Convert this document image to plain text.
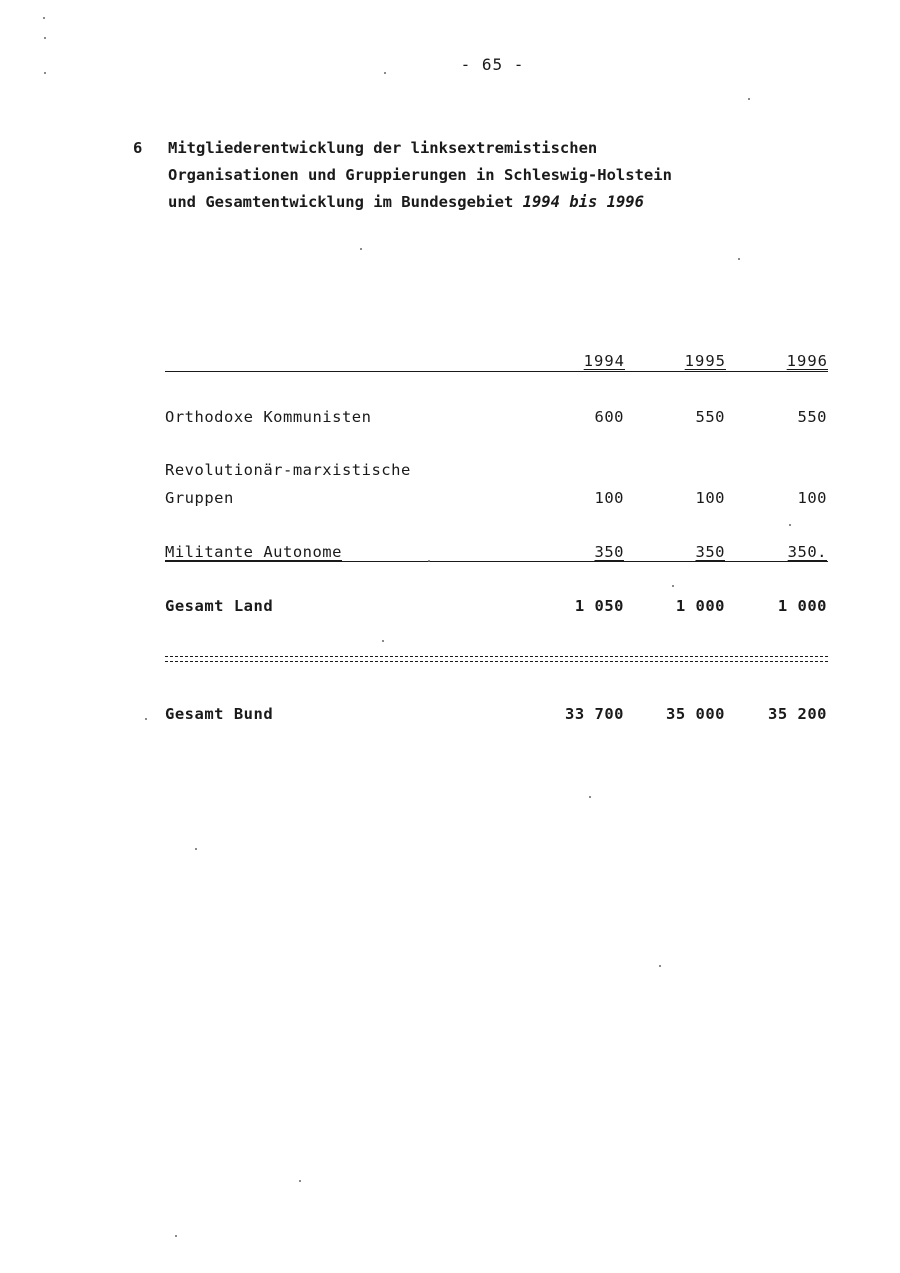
- 65 -
6 Mitgliederentwicklung der linksextremistischen
Organisationen und Gruppierungen in Schleswig-Holstein
und Gesamtentwicklung im Bundesgebiet 1994 bis 1996
1994	1995	1996
Orthodoxe Kommunisten	600	550	550
Revolutionär-marxistische
Gruppen	100	100	100
Militante Autonome	350	350	350.
Gesamt Land	1 050	1 000	1 000
Gesamt Bund	33 700	35 000	35 200
